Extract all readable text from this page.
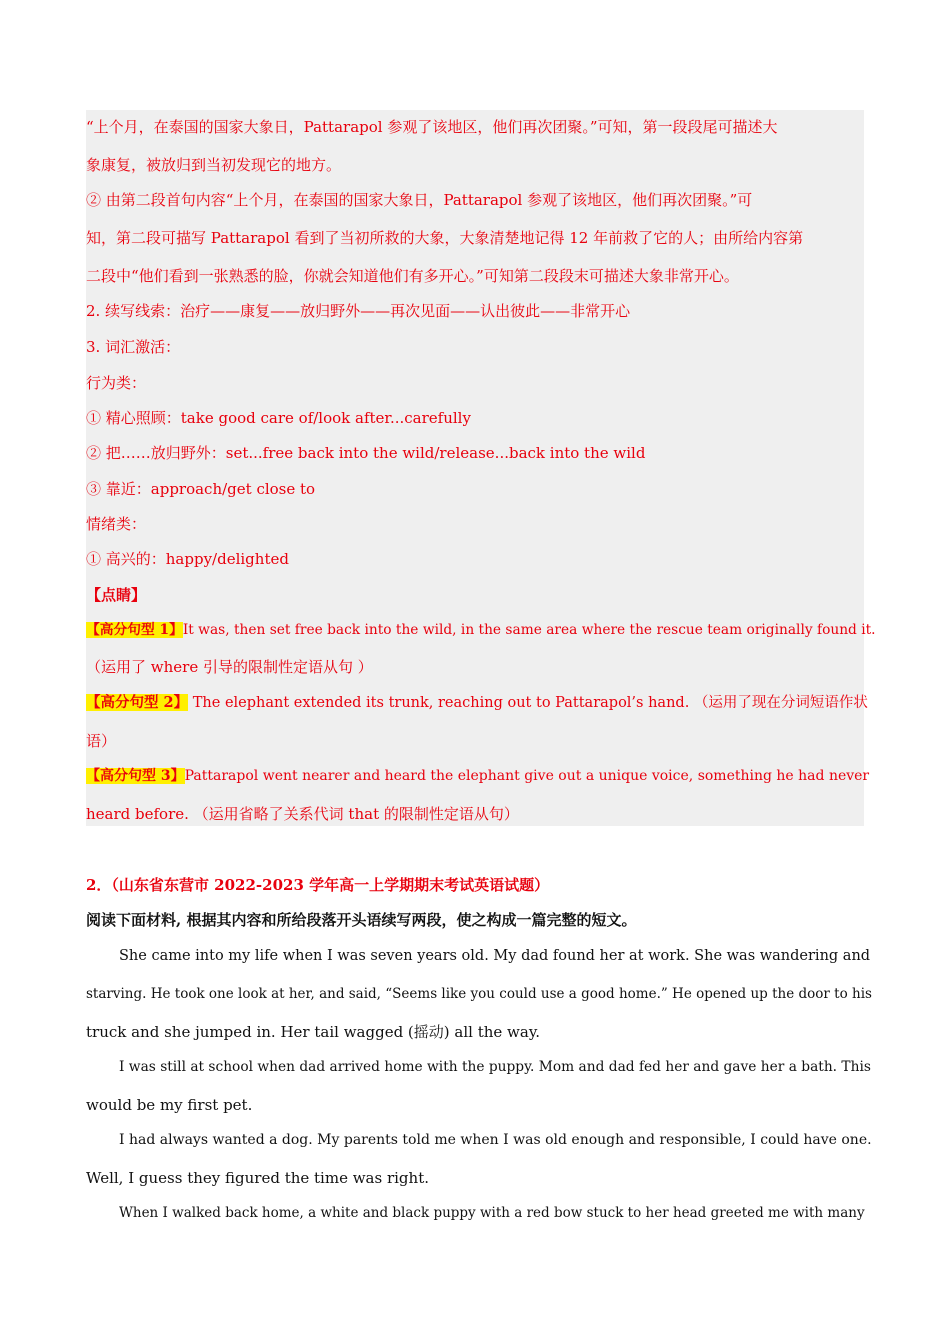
“上个月，在泰国的国家大象日，Pattarapol 参观了该地区，他们再次团聚。”可知，第一段段尾可描述大
象康复，被放归到当初发现它的地方。
② 由第二段首句内容“上个月，在泰国的国家大象日，Pattarapol 参观了该地区，他们再次团聚。”可
知，第二段可描写 Pattarapol 看到了当初所救的大象，大象清楚地记得 12 年前救了它的人；由所给内容第
二段中“他们看到一张熟悉的脸，你就会知道他们有多开心。”可知第二段段末可描述大象非常开心。
2. 续写线索：治疗——康复——放归野外——再次见面——认出彼此——非常开心
3. 词汇激活：
行为类：
① 精心照顾：take good care of/look after...carefully
② 把……放归野外：set...free back into the wild/release...back into the wild
③ 靠近：approach/get close to
情绪类：
① 高兴的：happy/delighted
【点睛】
【高分句型 1】It was, then set free back into the wild, in the same area where the rescue team originally found it.
（运用了 where 引导的限制性定语从句 ）
【高分句型 2】 The elephant extended its trunk, reaching out to Pattarapol’s hand. （运用了现在分词短语作状
语）
【高分句型 3】Pattarapol went nearer and heard the elephant give out a unique voice, something he had never
heard before. （运用省略了关系代词 that 的限制性定语从句）
2．（山东省东营市 2022-2023 学年高一上学期期末考试英语试题）
阅读下面材料, 根据其内容和所给段落开头语续写两段，使之构成一篇完整的短文。
She came into my life when I was seven years old. My dad found her at work. She was wandering and
starving. He took one look at her, and said, “Seems like you could use a good home.” He opened up the door to his
truck and she jumped in. Her tail wagged (摇动) all the way.
I was still at school when dad arrived home with the puppy. Mom and dad fed her and gave her a bath. This
would be my first pet.
I had always wanted a dog. My parents told me when I was old enough and responsible, I could have one.
Well, I guess they figured the time was right.
When I walked back home, a white and black puppy with a red bow stuck to her head greeted me with many
